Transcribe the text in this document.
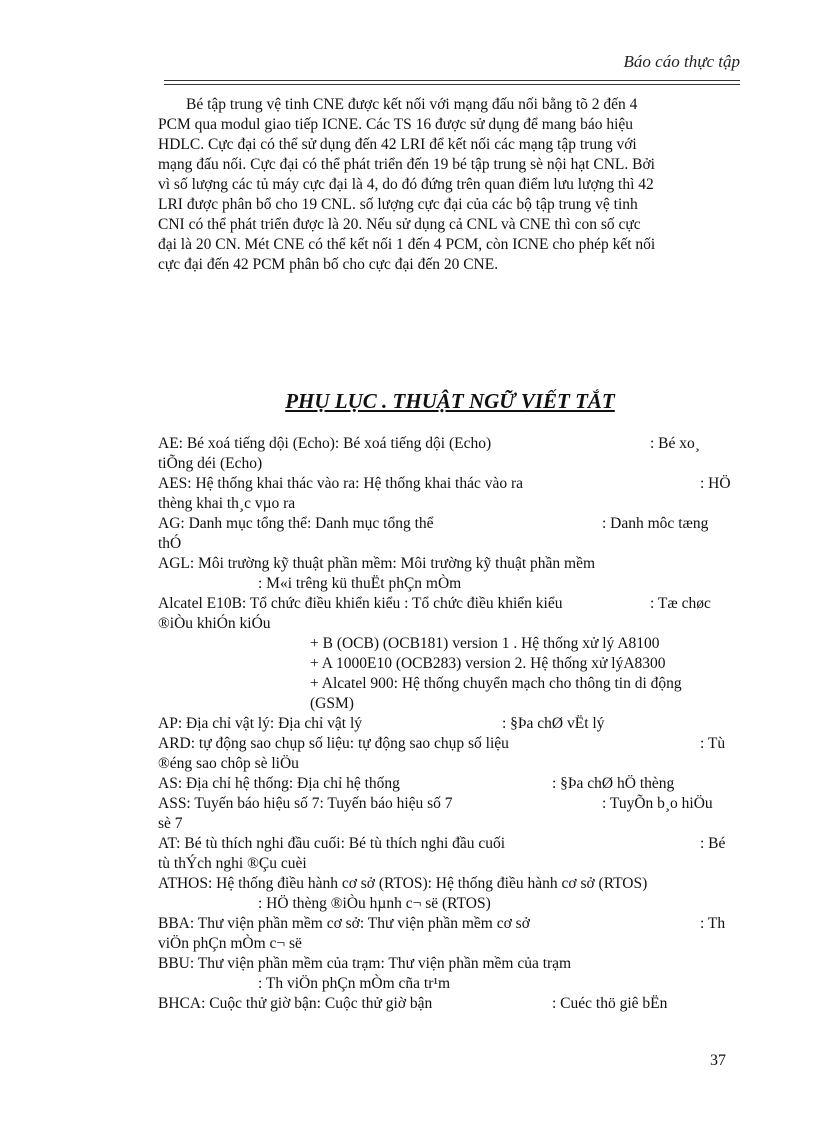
Báo cáo thực tập

Bé tập trung vệ tinh CNE được kết nối với mạng đấu nối bằng tõ 2 đến 4
PCM qua modul giao tiếp ICNE. Các TS 16 được sử dụng để mang báo hiệu
HDLC. Cực đại có thể sử dụng đến 42 LRI để kết nối các mạng tập trung với
mạng đấu nối. Cực đại có thể phát triển đến 19 bé tập trung sè nội hạt CNL. Bởi
vì số lượng các tủ máy cực đại là 4, do đó đứng trên quan điểm lưu lượng thì 42
LRI được phân bổ cho 19 CNL. số lượng cực đại của các bộ tập trung vệ tinh
CNI có thể phát triển được là 20. Nếu sử dụng cả CNL và CNE thì con số cực
đại là 20 CN. Mét CNE có thể kết nối 1 đến 4 PCM, còn ICNE cho phép kết nối
cực đại đến 42 PCM phân bố cho cực đại đến 20 CNE.

PHỤ LỤC . THUẬT NGỮ VIẾT TẮT
AE: Bé xoá tiếng dội (Echo): Bé xoá tiếng dội (Echo)	: Bé xo¸
tiÕng déi (Echo)
AES: Hệ thống khai thác vào ra: Hệ thống khai thác vào ra	: HÖ
thèng khai th¸c vµo ra
AG: Danh mục tổng thể: Danh mục tổng thể	: Danh môc tæng
thÓ
AGL: Môi trường kỹ thuật phần mềm: Môi trường kỹ thuật phần mềm
: M«i trêng kü thuËt phÇn mÒm
Alcatel E10B: Tổ chức điều khiển kiểu : Tổ chức điều khiển kiểu	: Tæ chøc
®iÒu khiÓn kiÓu
+ B (OCB) (OCB181) version 1 . Hệ thống xử lý A8100
+ A 1000E10 (OCB283) version 2. Hệ thống xử lýA8300
+ Alcatel 900: Hệ thống chuyển mạch cho thông tin di động
(GSM)
AP: Địa chỉ vật lý: Địa chỉ vật lý	: §Þa chØ vËt lý
ARD: tự động sao chụp số liệu: tự động sao chụp số liệu	: Tù
®éng sao chôp sè liÖu
AS: Địa chỉ hệ thống: Địa chỉ hệ thống	: §Þa chØ hÖ thèng
ASS: Tuyến báo hiệu số 7: Tuyến báo hiệu số 7	: TuyÕn b¸o hiÖu
sè 7
AT: Bé tù thích nghi đầu cuối: Bé tù thích nghi đầu cuối	: Bé
tù thÝch nghi ®Çu cuèi
ATHOS: Hệ thống điều hành cơ sở (RTOS): Hệ thống điều hành cơ sở (RTOS)
: HÖ thèng ®iÒu hµnh c¬ së (RTOS)
BBA: Thư viện phần mềm cơ sở: Thư viện phần mềm cơ sở	: Th
viÖn phÇn mÒm c¬ së
BBU: Thư viện phần mềm của trạm: Thư viện phần mềm của trạm
: Th viÖn phÇn mÒm cña tr¹m
BHCA: Cuộc thử giờ bận: Cuộc thử giờ bận	: Cuéc thö giê bËn
37
